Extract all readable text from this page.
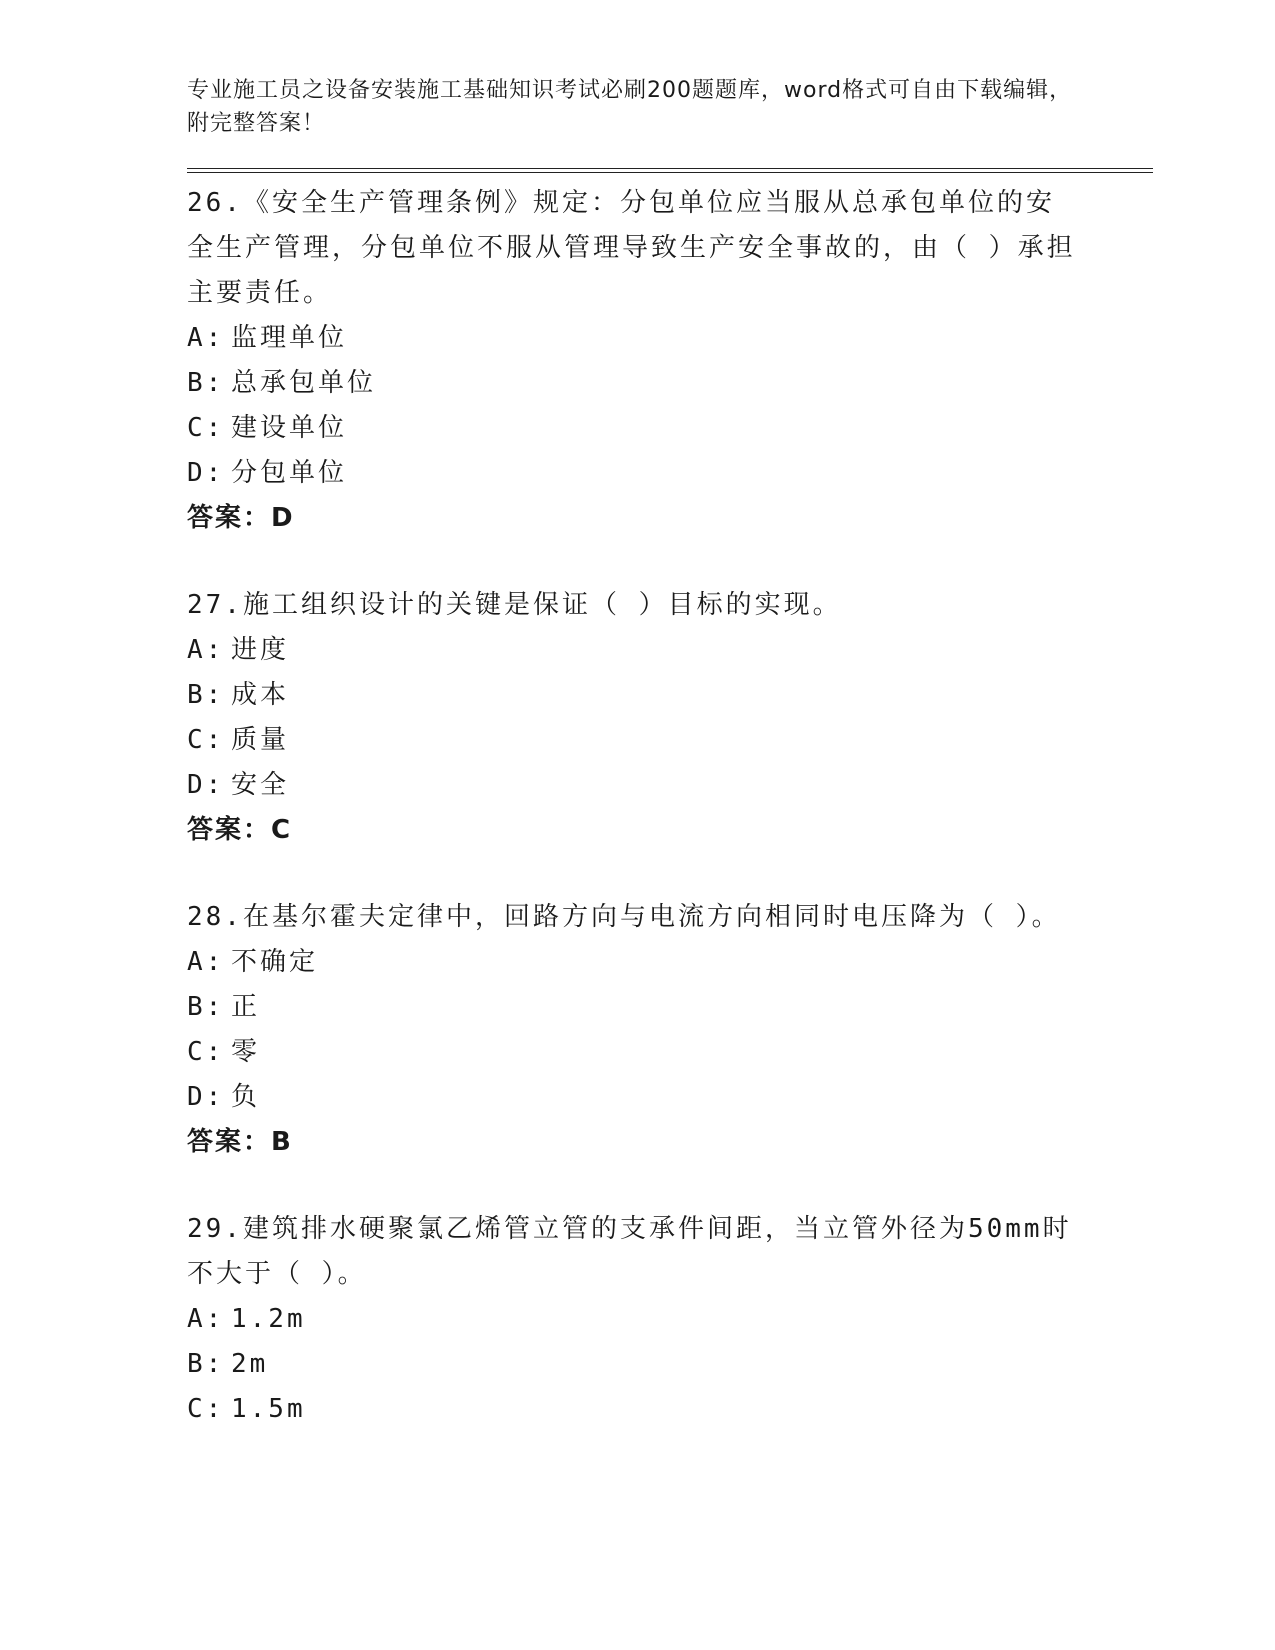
专业施工员之设备安装施工基础知识考试必刷200题题库，word格式可自由下载编辑，附完整答案！
26.《安全生产管理条例》规定：分包单位应当服从总承包单位的安全生产管理，分包单位不服从管理导致生产安全事故的，由（ ）承担主要责任。
A: 监理单位
B: 总承包单位
C: 建设单位
D: 分包单位
答案：D
27.施工组织设计的关键是保证（ ）目标的实现。
A: 进度
B: 成本
C: 质量
D: 安全
答案：C
28.在基尔霍夫定律中，回路方向与电流方向相同时电压降为（ ）。
A: 不确定
B: 正
C: 零
D: 负
答案：B
29.建筑排水硬聚氯乙烯管立管的支承件间距，当立管外径为50mm时不大于（ ）。
A: 1.2m
B: 2m
C: 1.5m
